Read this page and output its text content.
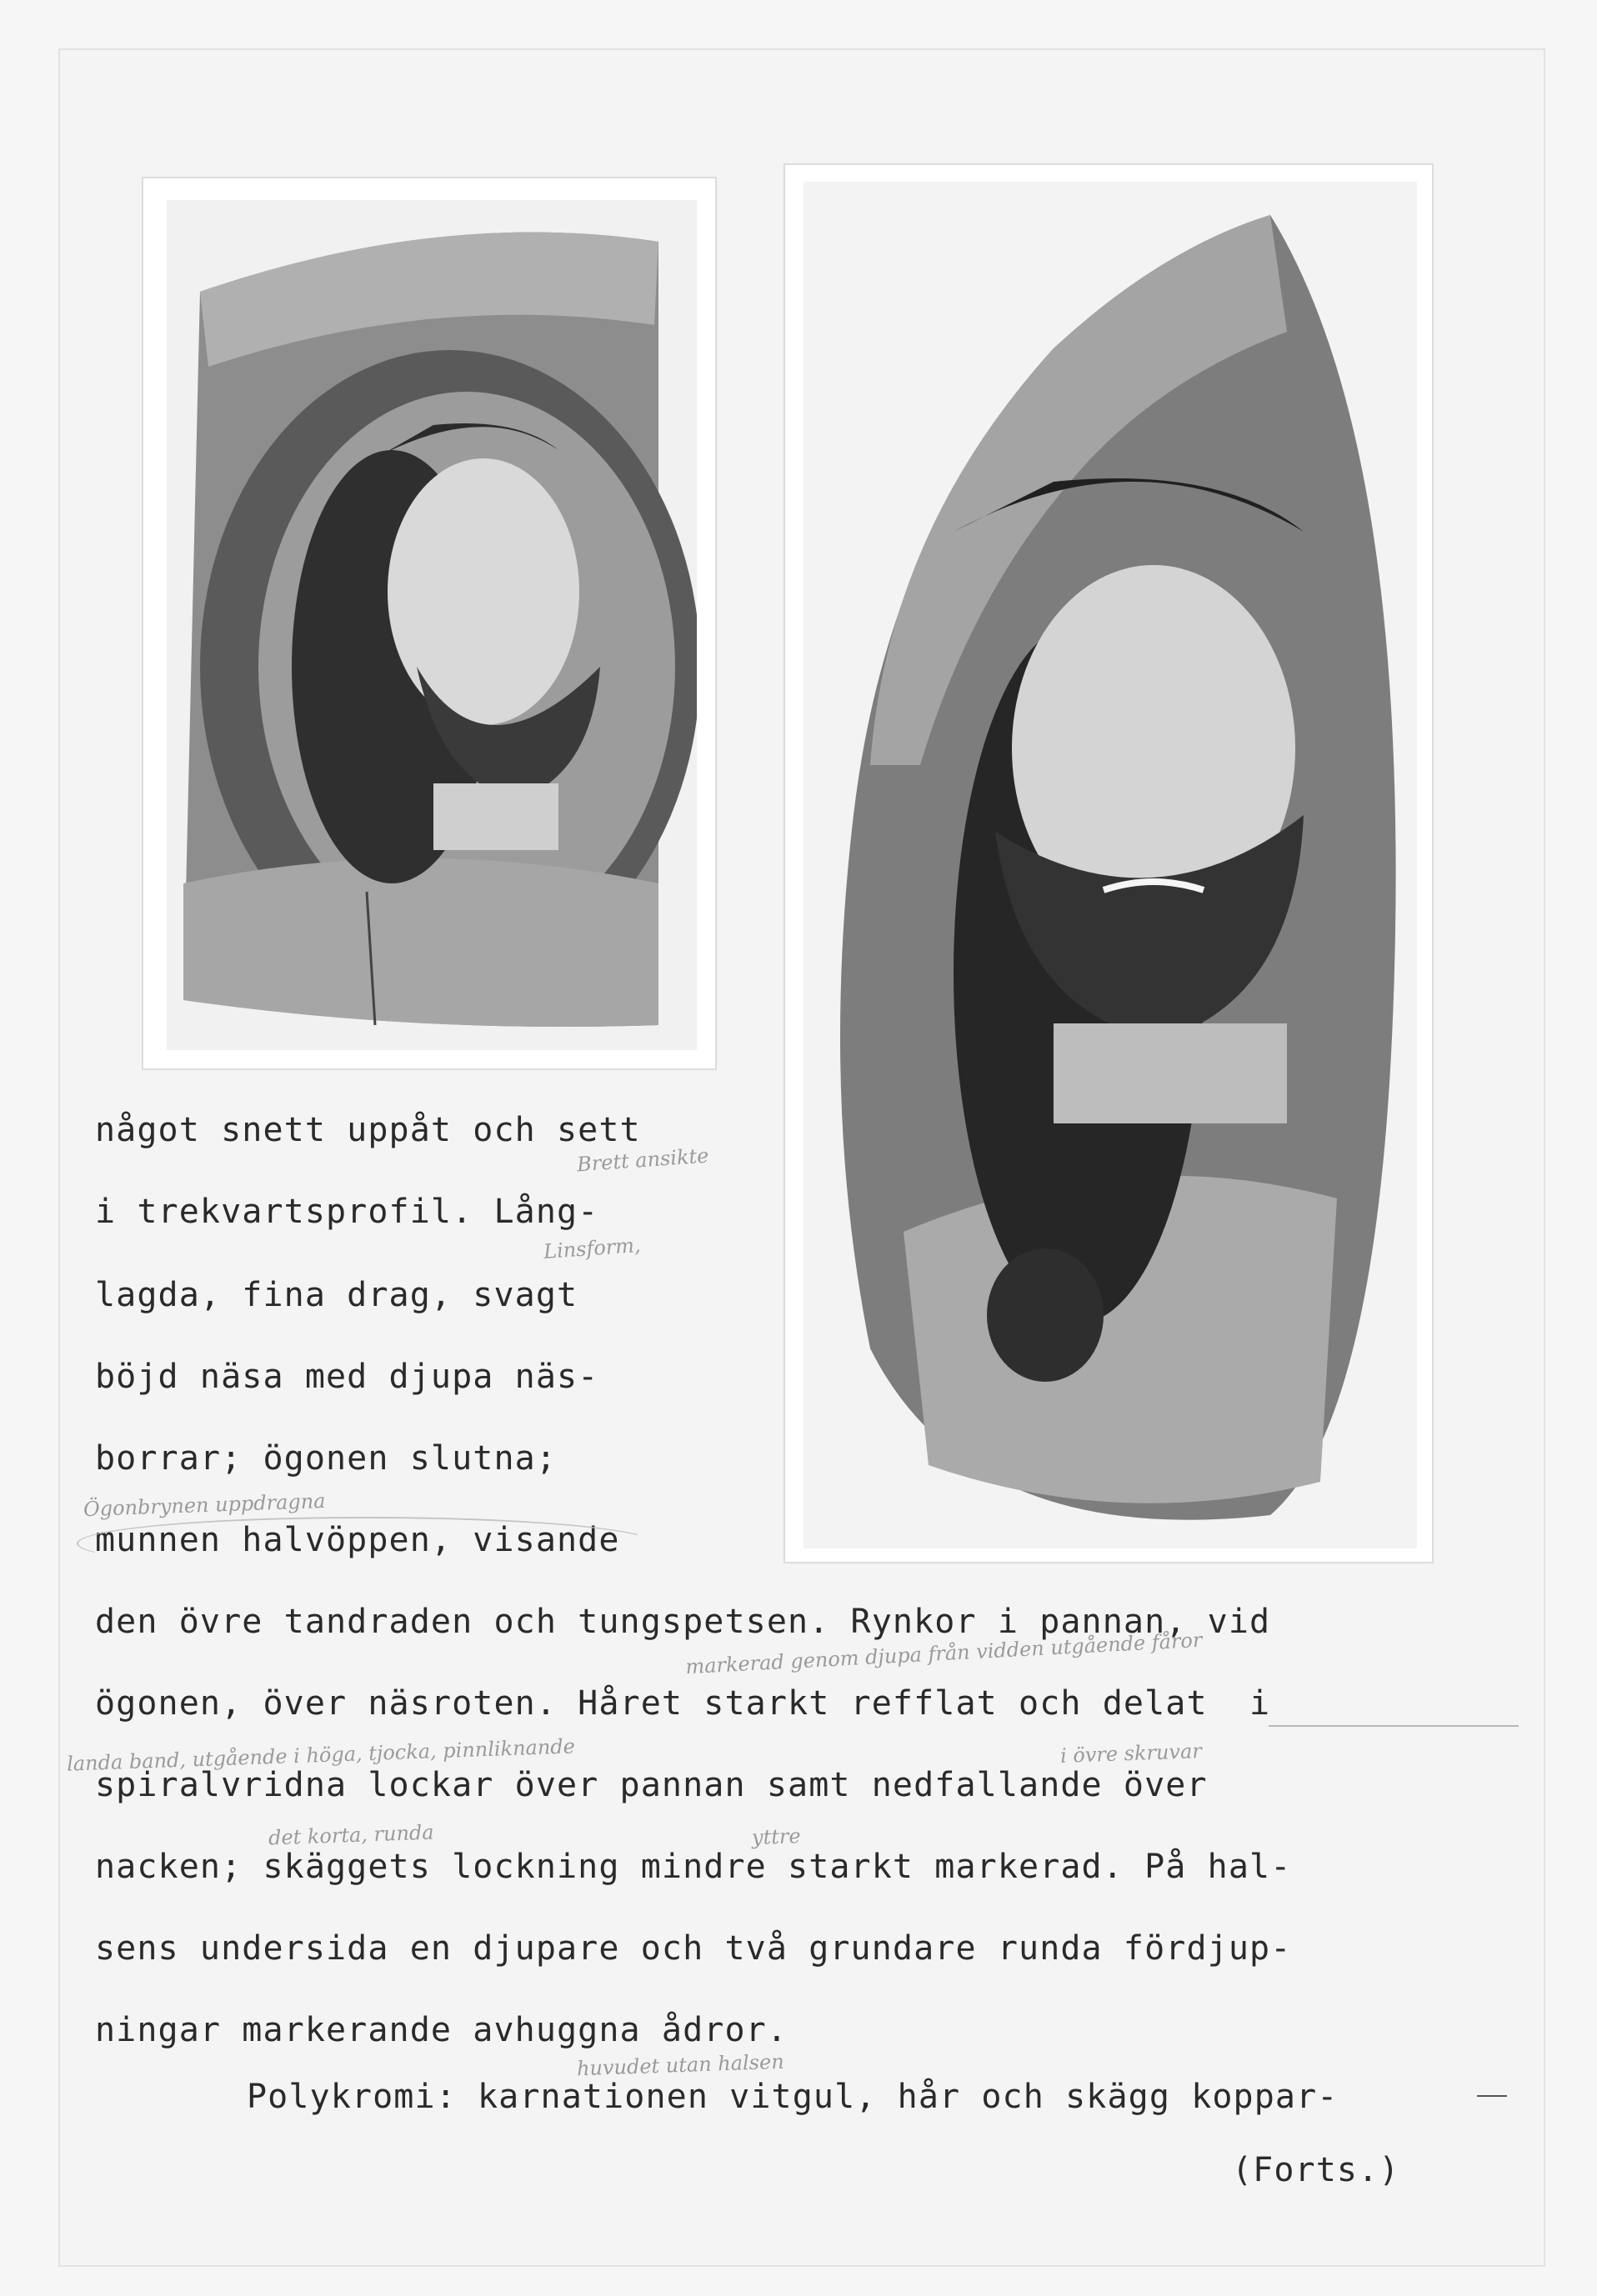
något snett uppåt och sett
i trekvartsprofil. Lång-
lagda, fina drag, svagt
böjd näsa med djupa näs-
borrar; ögonen slutna;
munnen halvöppen, visande
den övre tandraden och tungspetsen. Rynkor i pannan, vid
ögonen, över näsroten. Håret starkt refflat och delat  i
spiralvridna lockar över pannan samt nedfallande över
nacken; skäggets lockning mindre starkt markerad. På hal-
sens undersida en djupare och två grundare runda fördjup-
ningar markerande avhuggna ådror.
Polykromi: karnationen vitgul, hår och skägg koppar-
(Forts.)
Brett ansikte
Linsform,
Ögonbrynen uppdragna
markerad genom djupa från vidden utgående fåror
landa band, utgående i höga, tjocka, pinnliknande	i övre skruvar
det korta, runda	yttre
huvudet utan halsen
